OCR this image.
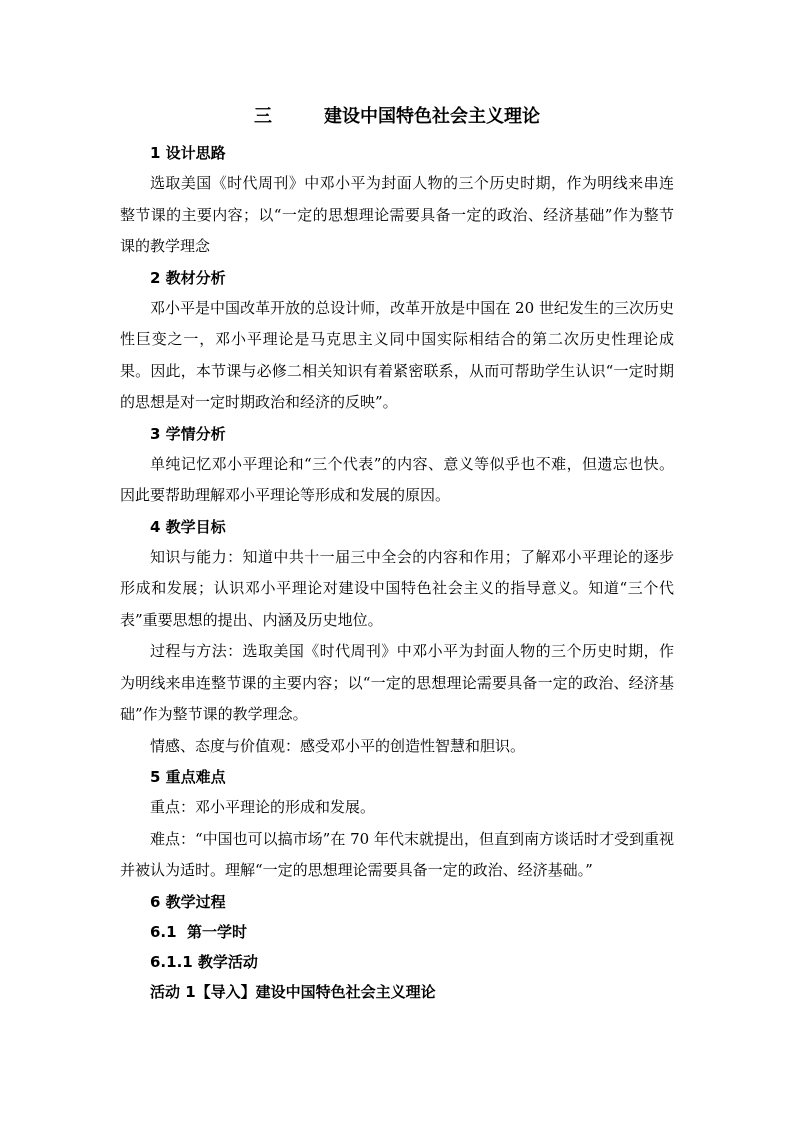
三	建设中国特色社会主义理论
1 设计思路

选取美国《时代周刊》中邓小平为封面人物的三个历史时期，作为明线来串连整节课的主要内容；以“一定的思想理论需要具备一定的政治、经济基础”作为整节课的教学理念

2 教材分析

邓小平是中国改革开放的总设计师，改革开放是中国在 20 世纪发生的三次历史性巨变之一，邓小平理论是马克思主义同中国实际相结合的第二次历史性理论成果。因此，本节课与必修二相关知识有着紧密联系，从而可帮助学生认识“一定时期的思想是对一定时期政治和经济的反映”。

3 学情分析

单纯记忆邓小平理论和“三个代表”的内容、意义等似乎也不难，但遗忘也快。因此要帮助理解邓小平理论等形成和发展的原因。

4 教学目标

知识与能力：知道中共十一届三中全会的内容和作用；了解邓小平理论的逐步形成和发展；认识邓小平理论对建设中国特色社会主义的指导意义。知道“三个代表”重要思想的提出、内涵及历史地位。

过程与方法：选取美国《时代周刊》中邓小平为封面人物的三个历史时期，作为明线来串连整节课的主要内容；以“一定的思想理论需要具备一定的政治、经济基础”作为整节课的教学理念。

情感、态度与价值观：感受邓小平的创造性智慧和胆识。

5 重点难点

重点：邓小平理论的形成和发展。

难点：“中国也可以搞市场”在 70 年代末就提出，但直到南方谈话时才受到重视并被认为适时。理解“一定的思想理论需要具备一定的政治、经济基础。”

6 教学过程
6.1  第一学时
6.1.1 教学活动
活动 1【导入】建设中国特色社会主义理论
